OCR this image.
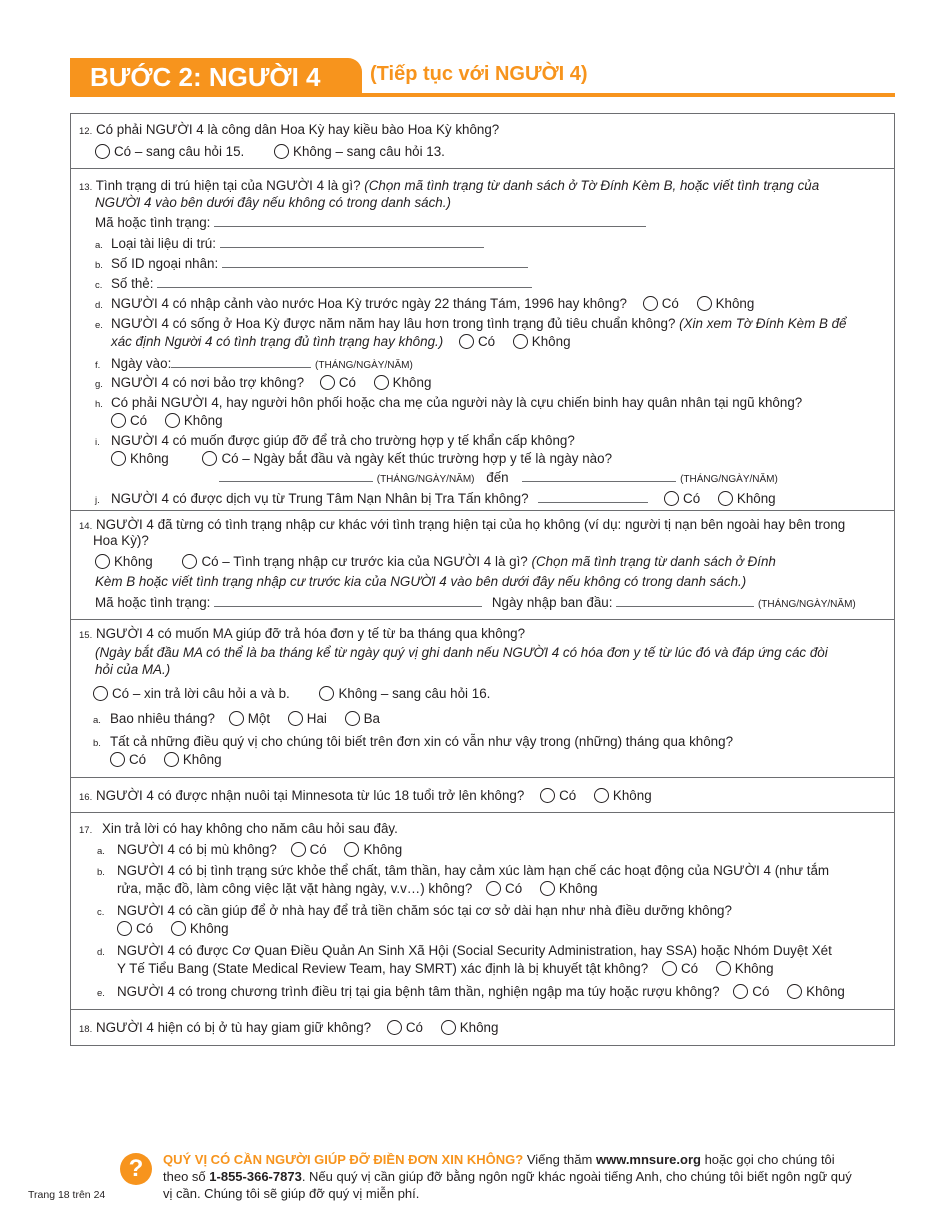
BƯỚC 2: NGƯỜI 4 (Tiếp tục với NGƯỜI 4)
12. Có phải NGƯỜI 4 là công dân Hoa Kỳ hay kiều bào Hoa Kỳ không?
Có – sang câu hỏi 15.	Không – sang câu hỏi 13.
13. Tình trạng di trú hiện tại của NGƯỜI 4 là gì? (Chọn mã tình trạng từ danh sách ở Tờ Đính Kèm B, hoặc viết tình trạng của
NGƯỜI 4 vào bên dưới đây nếu không có trong danh sách.)
Mã hoặc tình trạng:
a. Loại tài liệu di trú:
b. Số ID ngoại nhân:
c. Số thẻ:
d. NGƯỜI 4 có nhập cảnh vào nước Hoa Kỳ trước ngày 22 tháng Tám, 1996 hay không?	Có	Không
e. NGƯỜI 4 có sống ở Hoa Kỳ được năm năm hay lâu hơn trong tình trạng đủ tiêu chuẩn không? (Xin xem Tờ Đính Kèm B để
xác định Người 4 có tình trạng đủ tình trạng hay không.)	Có	Không
f. Ngày vào:	(THÁNG/NGÀY/NĂM)
g. NGƯỜI 4 có nơi bảo trợ không?	Có	Không
h. Có phải NGƯỜI 4, hay người hôn phối hoặc cha mẹ của người này là cựu chiến binh hay quân nhân tại ngũ không?
Có	Không
i. NGƯỜI 4 có muốn được giúp đỡ để trả cho trường hợp y tế khẩn cấp không?
Không	Có – Ngày bắt đầu và ngày kết thúc trường hợp y tế là ngày nào?
(THÁNG/NGÀY/NĂM) đến	(THÁNG/NGÀY/NĂM)
j. NGƯỜI 4 có được dịch vụ từ Trung Tâm Nạn Nhân bị Tra Tấn không?	Có	Không
14. NGƯỜI 4 đã từng có tình trạng nhập cư khác với tình trạng hiện tại của họ không (ví dụ: người tị nạn bên ngoài hay bên trong
Hoa Kỳ)?
Không	Có – Tình trạng nhập cư trước kia của NGƯỜI 4 là gì? (Chọn mã tình trạng từ danh sách ở Đính
Kèm B hoặc viết tình trạng nhập cư trước kia của NGƯỜI 4 vào bên dưới đây nếu không có trong danh sách.)
Mã hoặc tình trạng:	Ngày nhập ban đầu:	(THÁNG/NGÀY/NĂM)
15. NGƯỜI 4 có muốn MA giúp đỡ trả hóa đơn y tế từ ba tháng qua không?
(Ngày bắt đầu MA có thể là ba tháng kể từ ngày quý vị ghi danh nếu NGƯỜI 4 có hóa đơn y tế từ lúc đó và đáp ứng các đòi
hỏi của MA.)
Có – xin trả lời câu hỏi a và b.	Không – sang câu hỏi 16.
a. Bao nhiêu tháng? Một	Hai	Ba
b. Tất cả những điều quý vị cho chúng tôi biết trên đơn xin có vẫn như vậy trong (những) tháng qua không?
Có	Không
16. NGƯỜI 4 có được nhận nuôi tại Minnesota từ lúc 18 tuổi trở lên không?	Có	Không
17. Xin trả lời có hay không cho năm câu hỏi sau đây.
a. NGƯỜI 4 có bị mù không? Có	Không
b. NGƯỜI 4 có bị tình trạng sức khỏe thể chất, tâm thần, hay cảm xúc làm hạn chế các hoạt động của NGƯỜI 4 (như tắm
rửa, mặc đồ, làm công việc lặt vặt hàng ngày, v.v…) không? Có	Không
c. NGƯỜI 4 có cần giúp để ở nhà hay để trả tiền chăm sóc tại cơ sở dài hạn như nhà điều dưỡng không?
Có	Không
d. NGƯỜI 4 có được Cơ Quan Điều Quản An Sinh Xã Hội (Social Security Administration, hay SSA) hoặc Nhóm Duyệt Xét
Y Tế Tiểu Bang (State Medical Review Team, hay SMRT) xác định là bị khuyết tật không? Có	Không
e. NGƯỜI 4 có trong chương trình điều trị tại gia bệnh tâm thần, nghiện ngập ma túy hoặc rượu không? Có	Không
18. NGƯỜI 4 hiện có bị ở tù hay giam giữ không?	Có	Không
?	QUÝ VỊ CÓ CẦN NGƯỜI GIÚP ĐỠ ĐIỀN ĐƠN XIN KHÔNG? Viếng thăm www.mnsure.org hoặc gọi cho chúng tôi theo số 1-855-366-7873. Nếu quý vị cần giúp đỡ bằng ngôn ngữ khác ngoài tiếng Anh, cho chúng tôi biết ngôn ngữ quý vị cần. Chúng tôi sẽ giúp đỡ quý vị miễn phí.
Trang 18 trên 24
